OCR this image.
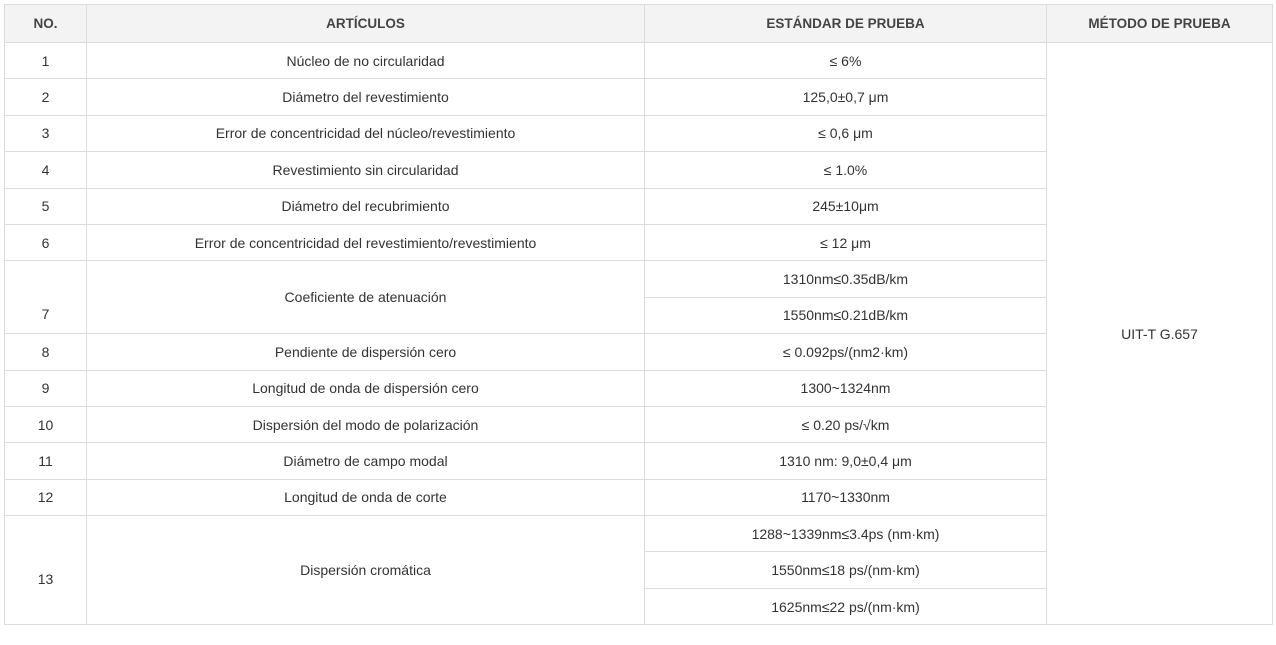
NO.	ARTÍCULOS	ESTÁNDAR DE PRUEBA	MÉTODO DE PRUEBA
1	Núcleo de no circularidad	≤ 6%	UIT-T G.657
2	Diámetro del revestimiento	125,0±0,7 μm	
3	Error de concentricidad del núcleo/revestimiento	≤ 0,6 μm	
4	Revestimiento sin circularidad	≤ 1.0%	
5	Diámetro del recubrimiento	245±10μm	
6	Error de concentricidad del revestimiento/revestimiento	≤ 12 μm	
7	Coeficiente de atenuación	1310nm≤0.35dB/km	
		1550nm≤0.21dB/km	
8	Pendiente de dispersión cero	≤ 0.092ps/(nm2·km)	
9	Longitud de onda de dispersión cero	1300~1324nm	
10	Dispersión del modo de polarización	≤ 0.20 ps/√km	
11	Diámetro de campo modal	1310 nm: 9,0±0,4 μm	
12	Longitud de onda de corte	1170~1330nm	
13	Dispersión cromática	1288~1339nm≤3.4ps (nm·km)	
		1550nm≤18 ps/(nm·km)	
		1625nm≤22 ps/(nm·km)	
